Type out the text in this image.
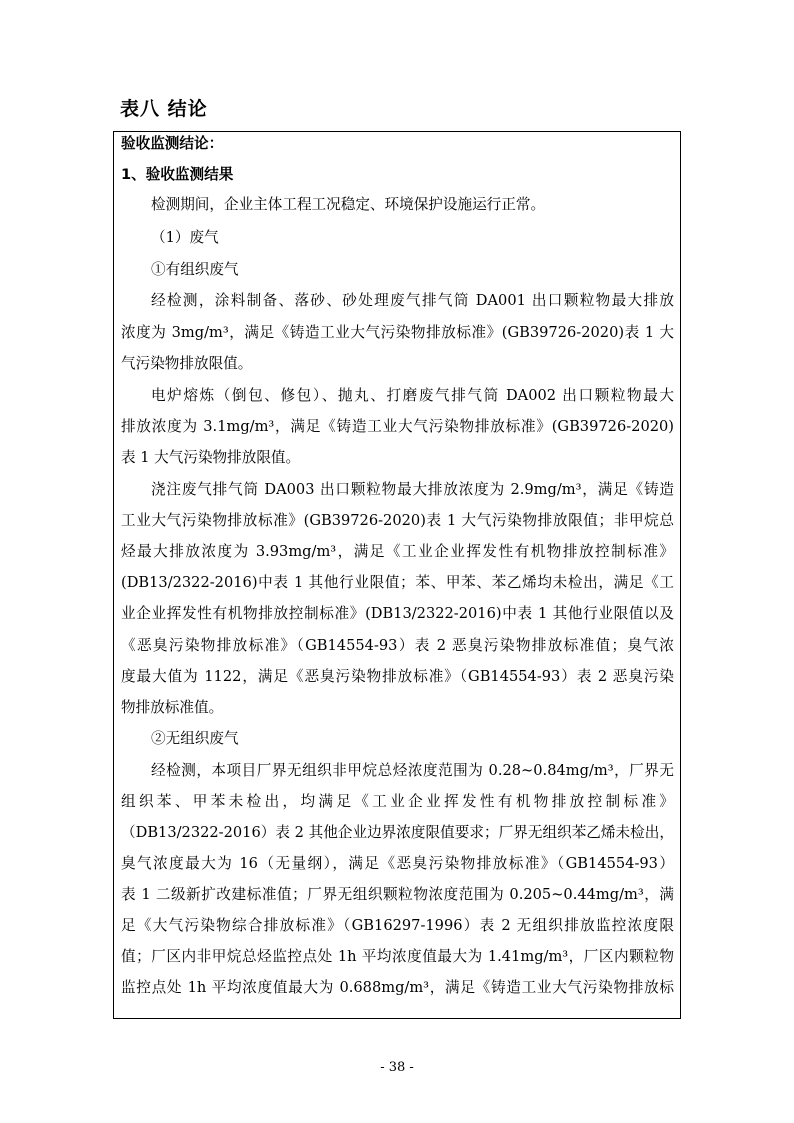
表八 结论
验收监测结论：
1、验收监测结果
检测期间，企业主体工程工况稳定、环境保护设施运行正常。
（1）废气
①有组织废气
经检测，涂料制备、落砂、砂处理废气排气筒 DA001 出口颗粒物最大排放
浓度为 3mg/m³，满足《铸造工业大气污染物排放标准》(GB39726-2020)表 1 大
气污染物排放限值。
电炉熔炼（倒包、修包）、抛丸、打磨废气排气筒 DA002 出口颗粒物最大
排放浓度为 3.1mg/m³，满足《铸造工业大气污染物排放标准》(GB39726-2020)
表 1 大气污染物排放限值。
浇注废气排气筒 DA003 出口颗粒物最大排放浓度为 2.9mg/m³，满足《铸造
工业大气污染物排放标准》(GB39726-2020)表 1 大气污染物排放限值；非甲烷总
烃最大排放浓度为 3.93mg/m³，满足《工业企业挥发性有机物排放控制标准》
(DB13/2322-2016)中表 1 其他行业限值；苯、甲苯、苯乙烯均未检出，满足《工
业企业挥发性有机物排放控制标准》(DB13/2322-2016)中表 1 其他行业限值以及
《恶臭污染物排放标准》（GB14554-93）表 2 恶臭污染物排放标准值；臭气浓
度最大值为 1122，满足《恶臭污染物排放标准》（GB14554-93）表 2 恶臭污染
物排放标准值。
②无组织废气
经检测，本项目厂界无组织非甲烷总烃浓度范围为 0.28~0.84mg/m³，厂界无
组织苯、甲苯未检出，均满足《工业企业挥发性有机物排放控制标准》
（DB13/2322-2016）表 2 其他企业边界浓度限值要求；厂界无组织苯乙烯未检出，
臭气浓度最大为 16（无量纲），满足《恶臭污染物排放标准》（GB14554-93）
表 1 二级新扩改建标准值；厂界无组织颗粒物浓度范围为 0.205~0.44mg/m³，满
足《大气污染物综合排放标准》（GB16297-1996）表 2 无组织排放监控浓度限
值；厂区内非甲烷总烃监控点处 1h 平均浓度值最大为 1.41mg/m³，厂区内颗粒物
监控点处 1h 平均浓度值最大为 0.688mg/m³，满足《铸造工业大气污染物排放标
- 38 -
